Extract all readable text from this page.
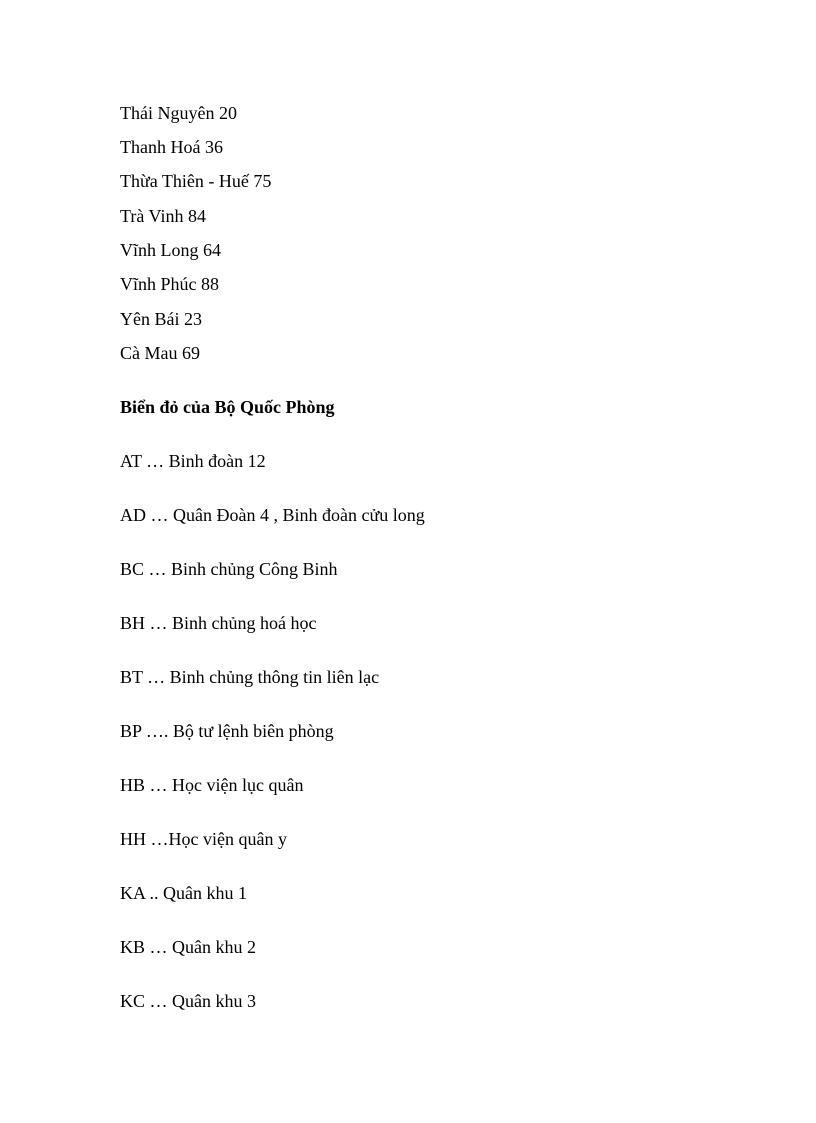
Thái Nguyên 20
Thanh Hoá 36
Thừa Thiên - Huế 75
Trà Vinh 84
Vĩnh Long 64
Vĩnh Phúc 88
Yên Bái 23
Cà Mau 69
Biển đỏ của Bộ Quốc Phòng
AT … Binh đoàn 12
AD … Quân Đoàn 4 , Binh đoàn cửu long
BC … Binh chủng Công Binh
BH … Binh chủng hoá học
BT … Binh chủng thông tin liên lạc
BP …. Bộ tư lệnh biên phòng
HB … Học viện lục quân
HH …Học viện quân y
KA .. Quân khu 1
KB … Quân khu 2
KC … Quân khu 3
